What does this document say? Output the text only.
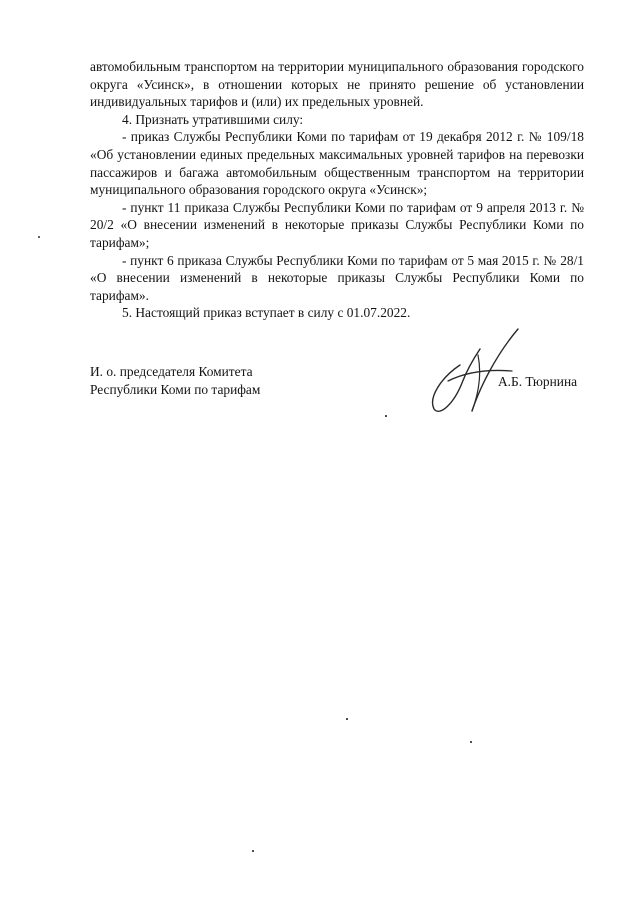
автомобильным транспортом на территории муниципального образования городского округа «Усинск», в отношении которых не принято решение об установлении индивидуальных тарифов и (или) их предельных уровней.

4. Признать утратившими силу:

- приказ Службы Республики Коми по тарифам от 19 декабря 2012 г. № 109/18 «Об установлении единых предельных максимальных уровней тарифов на перевозки пассажиров и багажа автомобильным общественным транспортом на территории муниципального образования городского округа «Усинск»;

- пункт 11 приказа Службы Республики Коми по тарифам от 9 апреля 2013 г. № 20/2 «О внесении изменений в некоторые приказы Службы Республики Коми по тарифам»;

- пункт 6 приказа Службы Республики Коми по тарифам от 5 мая 2015 г. № 28/1 «О внесении изменений в некоторые приказы Службы Республики Коми по тарифам».

5. Настоящий приказ вступает в силу с 01.07.2022.

И. о. председателя Комитета

Республики Коми по тарифам

А.Б. Тюрнина
